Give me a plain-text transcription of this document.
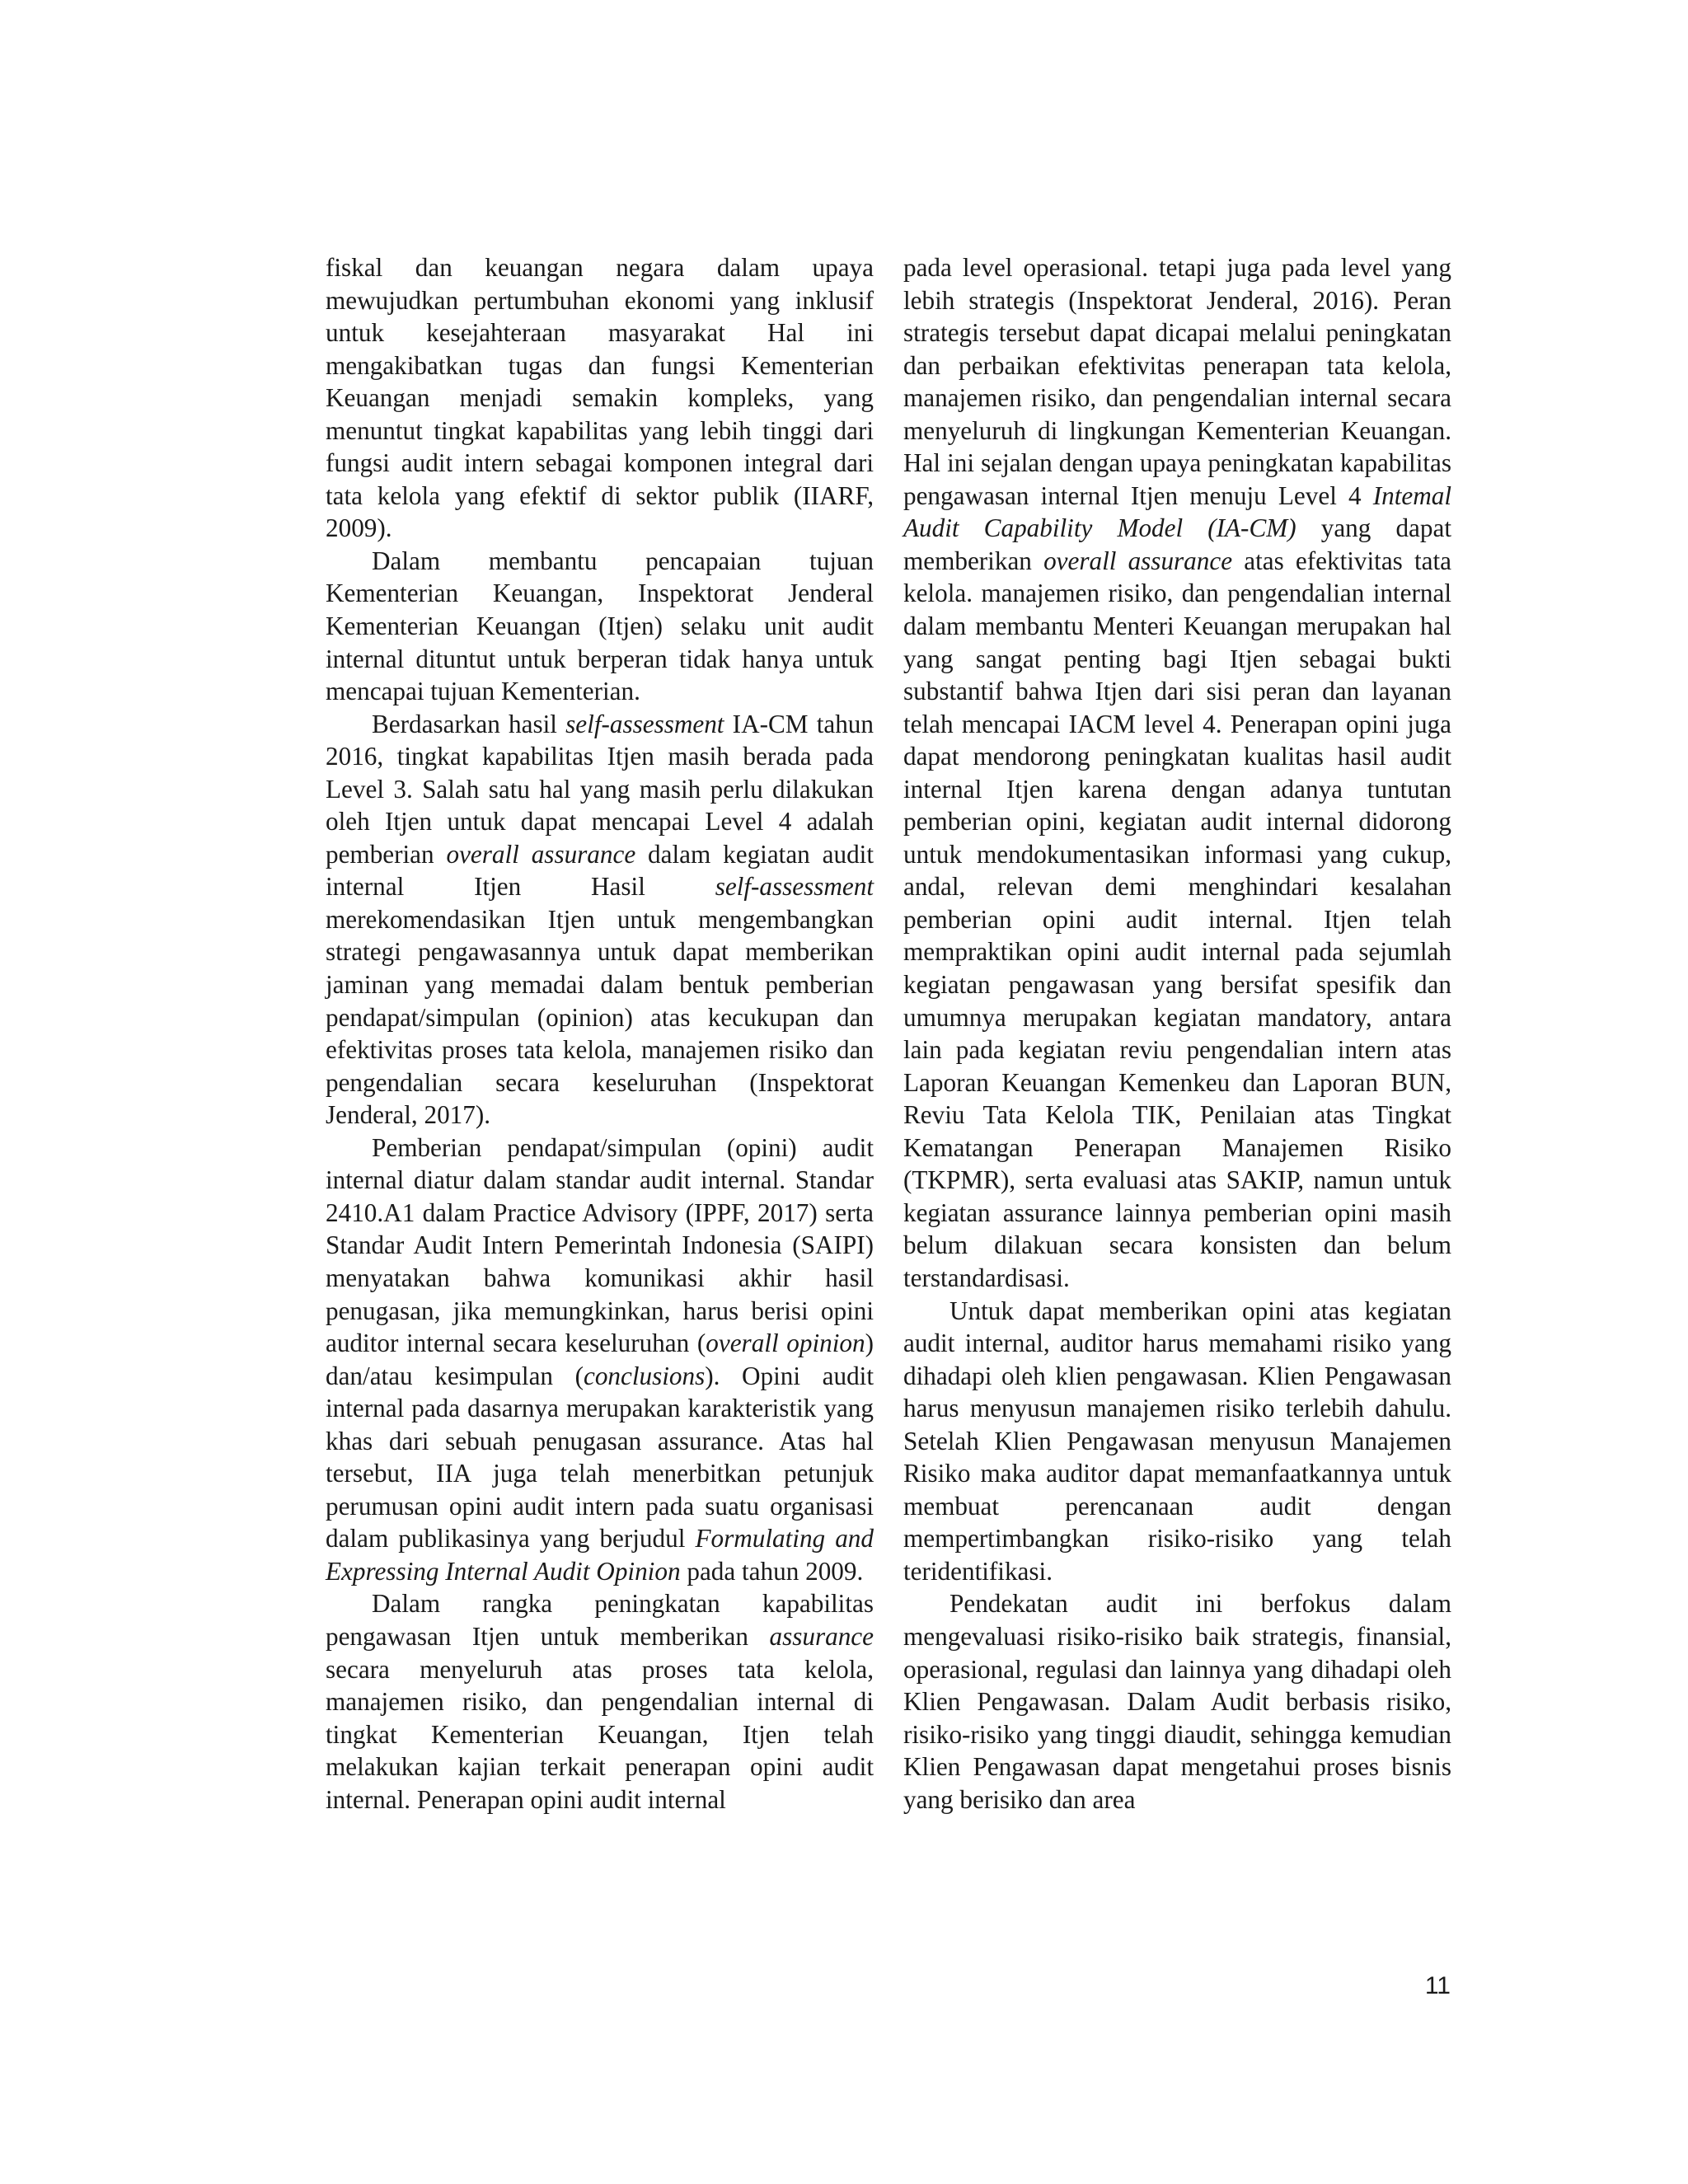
fiskal dan keuangan negara dalam upaya mewujudkan pertumbuhan ekonomi yang inklusif untuk kesejahteraan masyarakat Hal ini mengakibatkan tugas dan fungsi Kementerian Keuangan menjadi semakin kompleks, yang menuntut tingkat kapabilitas yang lebih tinggi dari fungsi audit intern sebagai komponen integral dari tata kelola yang efektif di sektor publik (IIARF, 2009).

Dalam membantu pencapaian tujuan Kementerian Keuangan, Inspektorat Jenderal Kementerian Keuangan (Itjen) selaku unit audit internal dituntut untuk berperan tidak hanya untuk mencapai tujuan Kementerian.

Berdasarkan hasil self-assessment IA-CM tahun 2016, tingkat kapabilitas Itjen masih berada pada Level 3. Salah satu hal yang masih perlu dilakukan oleh Itjen untuk dapat mencapai Level 4 adalah pemberian overall assurance dalam kegiatan audit internal Itjen Hasil self-assessment merekomendasikan Itjen untuk mengembangkan strategi pengawasannya untuk dapat memberikan jaminan yang memadai dalam bentuk pemberian pendapat/simpulan (opinion) atas kecukupan dan efektivitas proses tata kelola, manajemen risiko dan pengendalian secara keseluruhan (Inspektorat Jenderal, 2017).

Pemberian pendapat/simpulan (opini) audit internal diatur dalam standar audit internal. Standar 2410.A1 dalam Practice Advisory (IPPF, 2017) serta Standar Audit Intern Pemerintah Indonesia (SAIPI) menyatakan bahwa komunikasi akhir hasil penugasan, jika memungkinkan, harus berisi opini auditor internal secara keseluruhan (overall opinion) dan/atau kesimpulan (conclusions). Opini audit internal pada dasarnya merupakan karakteristik yang khas dari sebuah penugasan assurance. Atas hal tersebut, IIA juga telah menerbitkan petunjuk perumusan opini audit intern pada suatu organisasi dalam publikasinya yang berjudul Formulating and Expressing Internal Audit Opinion pada tahun 2009.

Dalam rangka peningkatan kapabilitas pengawasan Itjen untuk memberikan assurance secara menyeluruh atas proses tata kelola, manajemen risiko, dan pengendalian internal di tingkat Kementerian Keuangan, Itjen telah melakukan kajian terkait penerapan opini audit internal. Penerapan opini audit internal

pada level operasional. tetapi juga pada level yang lebih strategis (Inspektorat Jenderal, 2016). Peran strategis tersebut dapat dicapai melalui peningkatan dan perbaikan efektivitas penerapan tata kelola, manajemen risiko, dan pengendalian internal secara menyeluruh di lingkungan Kementerian Keuangan. Hal ini sejalan dengan upaya peningkatan kapabilitas pengawasan internal Itjen menuju Level 4 Intemal Audit Capability Model (IA-CM) yang dapat memberikan overall assurance atas efektivitas tata kelola. manajemen risiko, dan pengendalian internal dalam membantu Menteri Keuangan merupakan hal yang sangat penting bagi Itjen sebagai bukti substantif bahwa Itjen dari sisi peran dan layanan telah mencapai IACM level 4. Penerapan opini juga dapat mendorong peningkatan kualitas hasil audit internal Itjen karena dengan adanya tuntutan pemberian opini, kegiatan audit internal didorong untuk mendokumentasikan informasi yang cukup, andal, relevan demi menghindari kesalahan pemberian opini audit internal. Itjen telah mempraktikan opini audit internal pada sejumlah kegiatan pengawasan yang bersifat spesifik dan umumnya merupakan kegiatan mandatory, antara lain pada kegiatan reviu pengendalian intern atas Laporan Keuangan Kemenkeu dan Laporan BUN, Reviu Tata Kelola TIK, Penilaian atas Tingkat Kematangan Penerapan Manajemen Risiko (TKPMR), serta evaluasi atas SAKIP, namun untuk kegiatan assurance lainnya pemberian opini masih belum dilakuan secara konsisten dan belum terstandardisasi.

Untuk dapat memberikan opini atas kegiatan audit internal, auditor harus memahami risiko yang dihadapi oleh klien pengawasan. Klien Pengawasan harus menyusun manajemen risiko terlebih dahulu. Setelah Klien Pengawasan menyusun Manajemen Risiko maka auditor dapat memanfaatkannya untuk membuat perencanaan audit dengan mempertimbangkan risiko-risiko yang telah teridentifikasi.

Pendekatan audit ini berfokus dalam mengevaluasi risiko-risiko baik strategis, finansial, operasional, regulasi dan lainnya yang dihadapi oleh Klien Pengawasan. Dalam Audit berbasis risiko, risiko-risiko yang tinggi diaudit, sehingga kemudian Klien Pengawasan dapat mengetahui proses bisnis yang berisiko dan area

11
